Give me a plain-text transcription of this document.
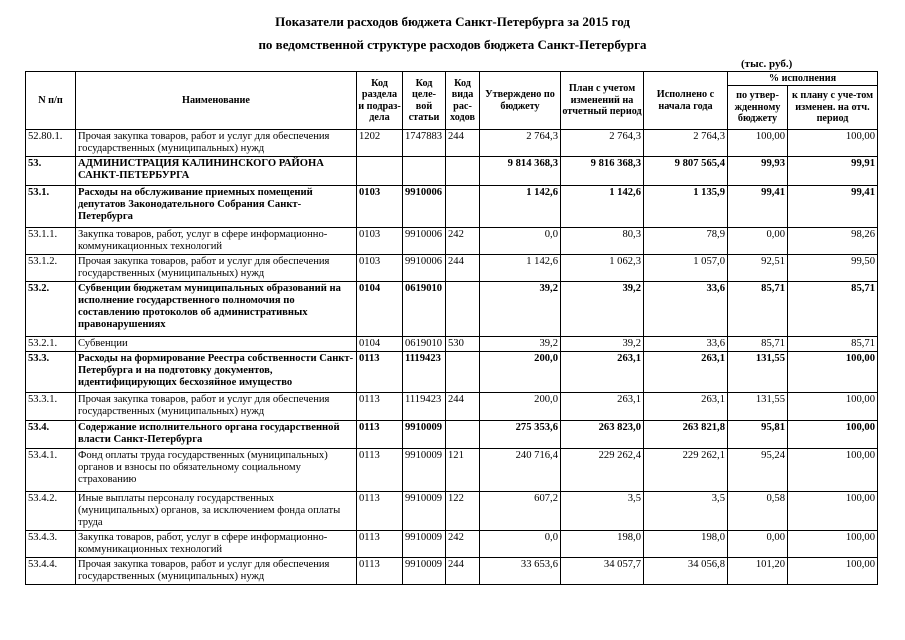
Показатели расходов бюджета Санкт-Петербурга за 2015 год
по ведомственной структуре расходов бюджета Санкт-Петербурга
(тыс. руб.)
N п/п	Наименование	Код раздела и подраз-дела	Код целе-вой статьи	Код вида рас-ходов	Утверждено по бюджету	План с учетом изменений на отчетный период	Исполнено с начала года	% исполнения	
								по утвер-жденному бюджету	к плану с уче-том изменен. на отч. период
52.80.1.	Прочая закупка товаров, работ и услуг для обеспечения государственных (муниципальных) нужд	1202	1747883	244	2 764,3	2 764,3	2 764,3	100,00	100,00
53.	АДМИНИСТРАЦИЯ КАЛИНИНСКОГО РАЙОНА САНКТ-ПЕТЕРБУРГА				9 814 368,3	9 816 368,3	9 807 565,4	99,93	99,91
53.1.	Расходы на обслуживание приемных помещений депутатов Законодательного Собрания Санкт-Петербурга	0103	9910006		1 142,6	1 142,6	1 135,9	99,41	99,41
53.1.1.	Закупка товаров, работ, услуг в сфере информационно-коммуникационных технологий	0103	9910006	242	0,0	80,3	78,9	0,00	98,26
53.1.2.	Прочая закупка товаров, работ и услуг для обеспечения государственных (муниципальных) нужд	0103	9910006	244	1 142,6	1 062,3	1 057,0	92,51	99,50
53.2.	Субвенции бюджетам муниципальных образований на исполнение государственного полномочия по составлению протоколов об административных правонарушениях	0104	0619010		39,2	39,2	33,6	85,71	85,71
53.2.1.	Субвенции	0104	0619010	530	39,2	39,2	33,6	85,71	85,71
53.3.	Расходы на формирование Реестра собственности Санкт-Петербурга и на подготовку документов, идентифицирующих бесхозяйное имущество	0113	1119423		200,0	263,1	263,1	131,55	100,00
53.3.1.	Прочая закупка товаров, работ и услуг для обеспечения государственных (муниципальных) нужд	0113	1119423	244	200,0	263,1	263,1	131,55	100,00
53.4.	Содержание исполнительного органа государственной власти Санкт-Петербурга	0113	9910009		275 353,6	263 823,0	263 821,8	95,81	100,00
53.4.1.	Фонд оплаты труда государственных (муниципальных) органов и взносы по обязательному социальному страхованию	0113	9910009	121	240 716,4	229 262,4	229 262,1	95,24	100,00
53.4.2.	Иные выплаты персоналу государственных (муниципальных) органов, за исключением фонда оплаты труда	0113	9910009	122	607,2	3,5	3,5	0,58	100,00
53.4.3.	Закупка товаров, работ, услуг в сфере информационно-коммуникационных технологий	0113	9910009	242	0,0	198,0	198,0	0,00	100,00
53.4.4.	Прочая закупка товаров, работ и услуг для обеспечения государственных (муниципальных) нужд	0113	9910009	244	33 653,6	34 057,7	34 056,8	101,20	100,00
